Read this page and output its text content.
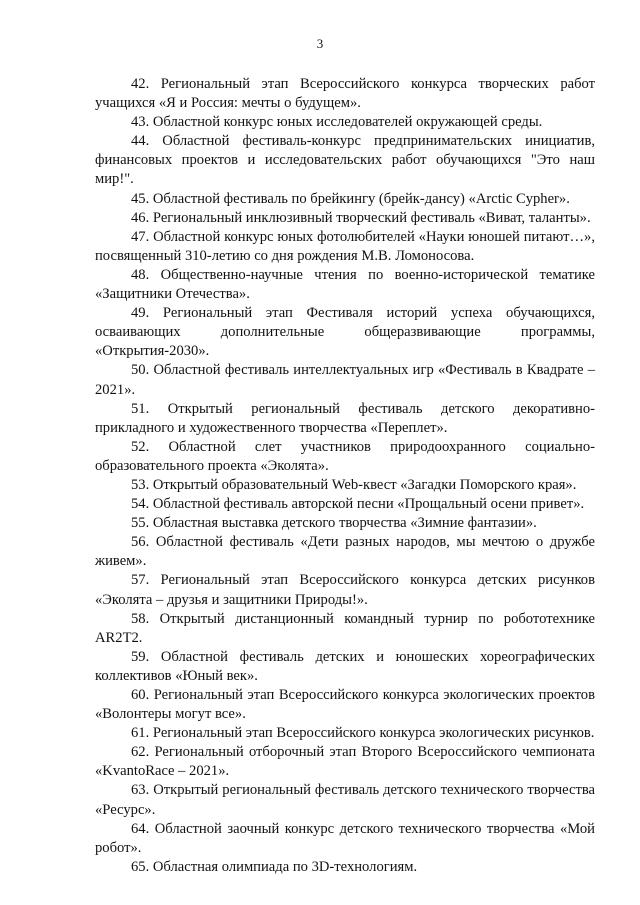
3

42. Региональный этап Всероссийского конкурса творческих работ учащихся «Я и Россия: мечты о будущем».

43. Областной конкурс юных исследователей окружающей среды.

44. Областной фестиваль-конкурс предпринимательских инициатив, финансовых проектов и исследовательских работ обучающихся "Это наш мир!".

45. Областной фестиваль по брейкингу (брейк-дансу) «Arctic Cypher».

46. Региональный инклюзивный творческий фестиваль «Виват, таланты».

47. Областной конкурс юных фотолюбителей «Науки юношей питают…», посвященный 310-летию со дня рождения М.В. Ломоносова.

48. Общественно-научные чтения по военно-исторической тематике «Защитники Отечества».

49. Региональный этап Фестиваля историй успеха обучающихся, осваивающих дополнительные общеразвивающие программы, «Открытия-2030».

50. Областной фестиваль интеллектуальных игр «Фестиваль в Квадрате – 2021».

51. Открытый региональный фестиваль детского декоративно-прикладного и художественного творчества «Переплет».

52. Областной слет участников природоохранного социально-образовательного проекта «Эколята».

53. Открытый образовательный Web-квест «Загадки Поморского края».

54. Областной фестиваль авторской песни «Прощальный осени привет».

55. Областная выставка детского творчества «Зимние фантазии».

56. Областной фестиваль «Дети разных народов, мы мечтою о дружбе живем».

57. Региональный этап Всероссийского конкурса детских рисунков «Эколята – друзья и защитники Природы!».

58. Открытый дистанционный командный турнир по робототехнике AR2T2.

59. Областной фестиваль детских и юношеских хореографических коллективов «Юный век».

60. Региональный этап Всероссийского конкурса экологических проектов «Волонтеры могут все».

61. Региональный этап Всероссийского конкурса экологических рисунков.

62. Региональный отборочный этап Второго Всероссийского чемпионата «KvantoRace – 2021».

63. Открытый региональный фестиваль детского технического творчества «Ресурс».

64. Областной заочный конкурс детского технического творчества «Мой робот».

65. Областная олимпиада по 3D-технологиям.
